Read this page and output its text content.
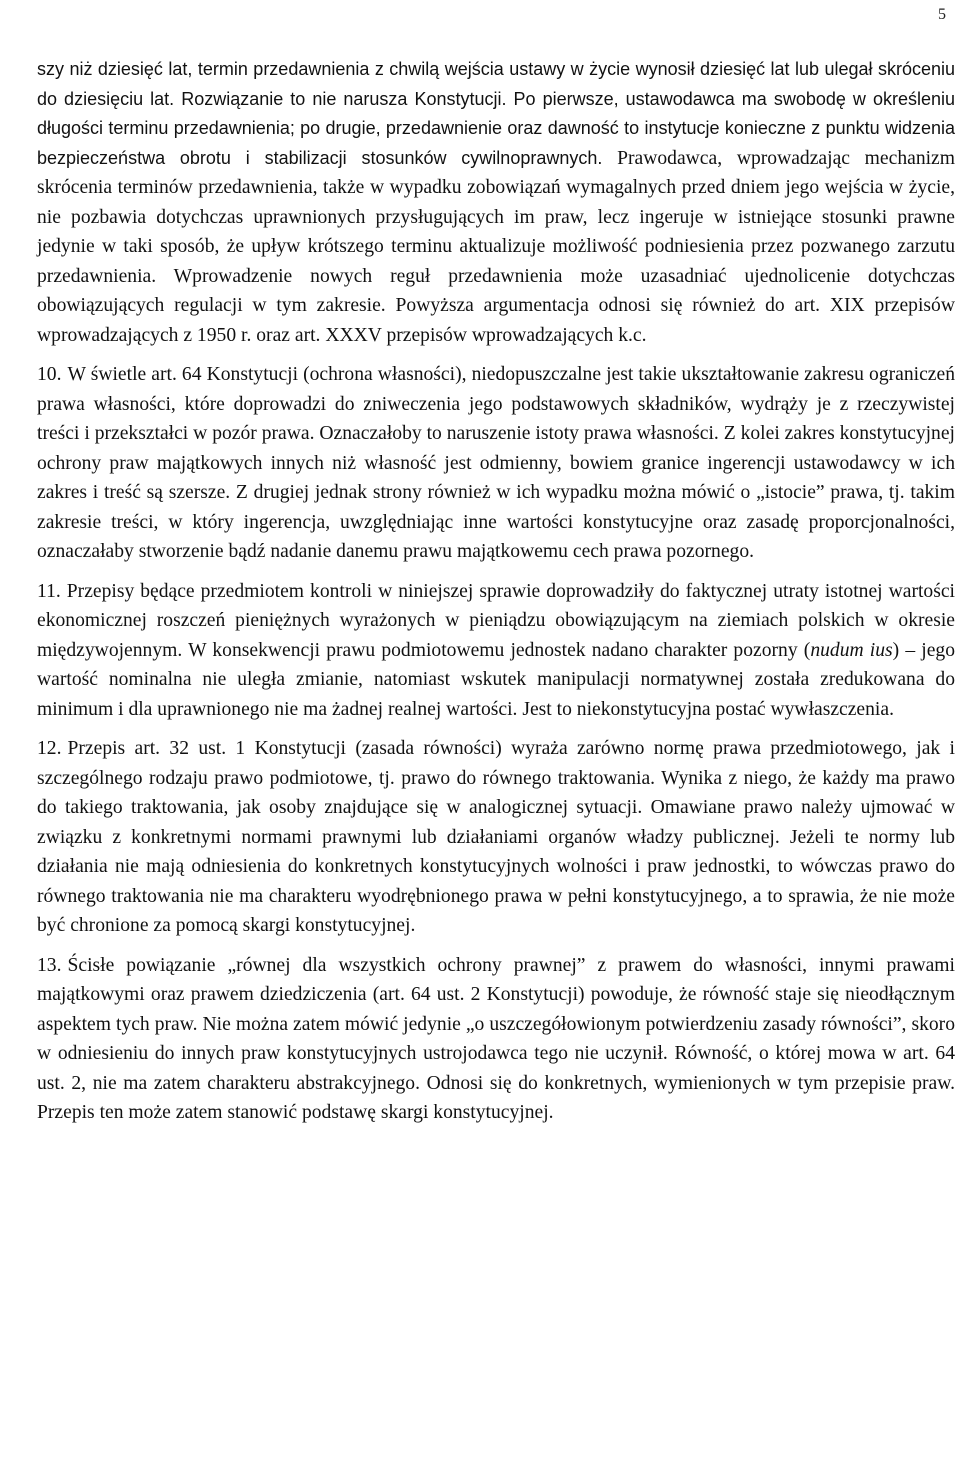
5

szy niż dziesięć lat, termin przedawnienia z chwilą wejścia ustawy w życie wynosił dziesięć lat lub ulegał skróceniu do dziesięciu lat. Rozwiązanie to nie narusza Konstytucji. Po pierwsze, ustawodawca ma swobodę w określeniu długości terminu przedawnienia; po drugie, przedawnienie oraz dawność to instytucje konieczne z punktu widzenia bezpieczeństwa obrotu i stabilizacji stosunków cywilnoprawnych. Prawodawca, wprowadzając mechanizm skrócenia terminów przedawnienia, także w wypadku zobowiązań wymagalnych przed dniem jego wejścia w życie, nie pozbawia dotychczas uprawnionych przysługujących im praw, lecz ingeruje w istniejące stosunki prawne jedynie w taki sposób, że upływ krótszego terminu aktualizuje możliwość podniesienia przez pozwanego zarzutu przedawnienia. Wprowadzenie nowych reguł przedawnienia może uzasadniać ujednolicenie dotychczas obowiązujących regulacji w tym zakresie. Powyższa argumentacja odnosi się również do art. XIX przepisów wprowadzających z 1950 r. oraz art. XXXV przepisów wprowadzających k.c.

10. W świetle art. 64 Konstytucji (ochrona własności), niedopuszczalne jest takie ukształtowanie zakresu ograniczeń prawa własności, które doprowadzi do zniweczenia jego podstawowych składników, wydrąży je z rzeczywistej treści i przekształci w pozór prawa. Oznaczałoby to naruszenie istoty prawa własności. Z kolei zakres konstytucyjnej ochrony praw majątkowych innych niż własność jest odmienny, bowiem granice ingerencji ustawodawcy w ich zakres i treść są szersze. Z drugiej jednak strony również w ich wypadku można mówić o „istocie” prawa, tj. takim zakresie treści, w który ingerencja, uwzględniając inne wartości konstytucyjne oraz zasadę proporcjonalności, oznaczałaby stworzenie bądź nadanie danemu prawu majątkowemu cech prawa pozornego.

11. Przepisy będące przedmiotem kontroli w niniejszej sprawie doprowadziły do faktycznej utraty istotnej wartości ekonomicznej roszczeń pieniężnych wyrażonych w pieniądzu obowiązującym na ziemiach polskich w okresie międzywojennym. W konsekwencji prawu podmiotowemu jednostek nadano charakter pozorny (nudum ius) – jego wartość nominalna nie uległa zmianie, natomiast wskutek manipulacji normatywnej została zredukowana do minimum i dla uprawnionego nie ma żadnej realnej wartości. Jest to niekonstytucyjna postać wywłaszczenia.

12. Przepis art. 32 ust. 1 Konstytucji (zasada równości) wyraża zarówno normę prawa przedmiotowego, jak i szczególnego rodzaju prawo podmiotowe, tj. prawo do równego traktowania. Wynika z niego, że każdy ma prawo do takiego traktowania, jak osoby znajdujące się w analogicznej sytuacji. Omawiane prawo należy ujmować w związku z konkretnymi normami prawnymi lub działaniami organów władzy publicznej. Jeżeli te normy lub działania nie mają odniesienia do konkretnych konstytucyjnych wolności i praw jednostki, to wówczas prawo do równego traktowania nie ma charakteru wyodrębnionego prawa w pełni konstytucyjnego, a to sprawia, że nie może być chronione za pomocą skargi konstytucyjnej.

13. Ścisłe powiązanie „równej dla wszystkich ochrony prawnej” z prawem do własności, innymi prawami majątkowymi oraz prawem dziedziczenia (art. 64 ust. 2 Konstytucji) powoduje, że równość staje się nieodłącznym aspektem tych praw. Nie można zatem mówić jedynie „o uszczegółowionym potwierdzeniu zasady równości”, skoro w odniesieniu do innych praw konstytucyjnych ustrojodawca tego nie uczynił. Równość, o której mowa w art. 64 ust. 2, nie ma zatem charakteru abstrakcyjnego. Odnosi się do konkretnych, wymienionych w tym przepisie praw. Przepis ten może zatem stanowić podstawę skargi konstytucyjnej.
